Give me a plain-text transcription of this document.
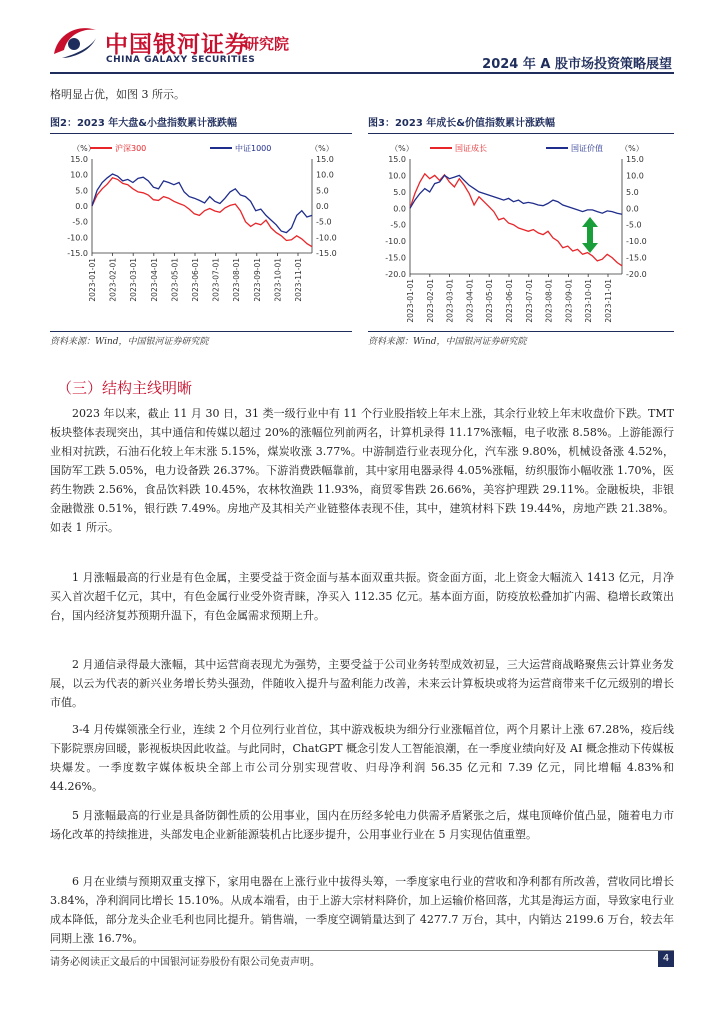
中国银河证券
CHINA GALAXY SECURITIES
研究院
2024 年 A 股市场投资策略展望
格明显占优，如图 3 所示。
图2：2023 年大盘&小盘指数累计涨跌幅
（%）	（%）
沪深300	中证1000
15.0
10.0
5.0
0.0
-5.0
-10.0
-15.0
15.0
10.0
5.0
0.0
-5.0
-10.0
-15.0
2023-01-01 2023-02-01 2023-03-01 2023-04-01 2023-05-01 2023-06-01 2023-07-01 2023-08-01 2023-09-01 2023-10-01 2023-11-01
资料来源：Wind，中国银河证券研究院
图3：2023 年成长&价值指数累计涨跌幅
（%）	（%）
国证成长	国证价值
15.0
10.0
5.0
0.0
-5.0
-10.0
-15.0
-20.0
15.0
10.0
5.0
0.0
-5.0
-10.0
-15.0
-20.0
2023-01-01 2023-02-01 2023-03-01 2023-04-01 2023-05-01 2023-06-01 2023-07-01 2023-08-01 2023-09-01 2023-10-01 2023-11-01
资料来源：Wind，中国银河证券研究院
（三）结构主线明晰
2023 年以来，截止 11 月 30 日，31 类一级行业中有 11 个行业股指较上年末上涨，其余行业较上年末收盘价下跌。TMT 板块整体表现突出，其中通信和传媒以超过 20%的涨幅位列前两名，计算机录得 11.17%涨幅，电子收涨 8.58%。上游能源行业相对抗跌，石油石化较上年末涨 5.15%，煤炭收涨 3.77%。中游制造行业表现分化，汽车涨 9.80%，机械设备涨 4.52%，国防军工跌 5.05%，电力设备跌 26.37%。下游消费跌幅靠前，其中家用电器录得 4.05%涨幅，纺织服饰小幅收涨 1.70%，医药生物跌 2.56%，食品饮料跌 10.45%，农林牧渔跌 11.93%，商贸零售跌 26.66%，美容护理跌 29.11%。金融板块，非银金融微涨 0.51%，银行跌 7.49%。房地产及其相关产业链整体表现不佳，其中，建筑材料下跌 19.44%，房地产跌 21.38%。如表 1 所示。
1 月涨幅最高的行业是有色金属，主要受益于资金面与基本面双重共振。资金面方面，北上资金大幅流入 1413 亿元，月净买入首次超千亿元，其中，有色金属行业受外资青睐，净买入 112.35 亿元。基本面方面，防疫放松叠加扩内需、稳增长政策出台，国内经济复苏预期升温下，有色金属需求预期上升。
2 月通信录得最大涨幅，其中运营商表现尤为强势，主要受益于公司业务转型成效初显，三大运营商战略聚焦云计算业务发展，以云为代表的新兴业务增长势头强劲，伴随收入提升与盈利能力改善，未来云计算板块或将为运营商带来千亿元级别的增长市值。
3-4 月传媒领涨全行业，连续 2 个月位列行业首位，其中游戏板块为细分行业涨幅首位，两个月累计上涨 67.28%，疫后线下影院票房回暖，影视板块因此收益。与此同时，ChatGPT 概念引发人工智能浪潮，在一季度业绩向好及 AI 概念推动下传媒板块爆发。一季度数字媒体板块全部上市公司分别实现营收、归母净利润 56.35 亿元和 7.39 亿元，同比增幅 4.83%和 44.26%。
5 月涨幅最高的行业是具备防御性质的公用事业，国内在历经多轮电力供需矛盾紧张之后，煤电顶峰价值凸显，随着电力市场化改革的持续推进，头部发电企业新能源装机占比逐步提升，公用事业行业在 5 月实现估值重塑。
6 月在业绩与预期双重支撑下，家用电器在上涨行业中拔得头筹，一季度家电行业的营收和净利都有所改善，营收同比增长 3.84%，净利润同比增长 15.10%。从成本端看，由于上游大宗材料降价，加上运输价格回落，尤其是海运方面，导致家电行业成本降低，部分龙头企业毛利也同比提升。销售端，一季度空调销量达到了 4277.7 万台，其中，内销达 2199.6 万台，较去年同期上涨 16.7%。
请务必阅读正文最后的中国银河证券股份有限公司免责声明。	4
